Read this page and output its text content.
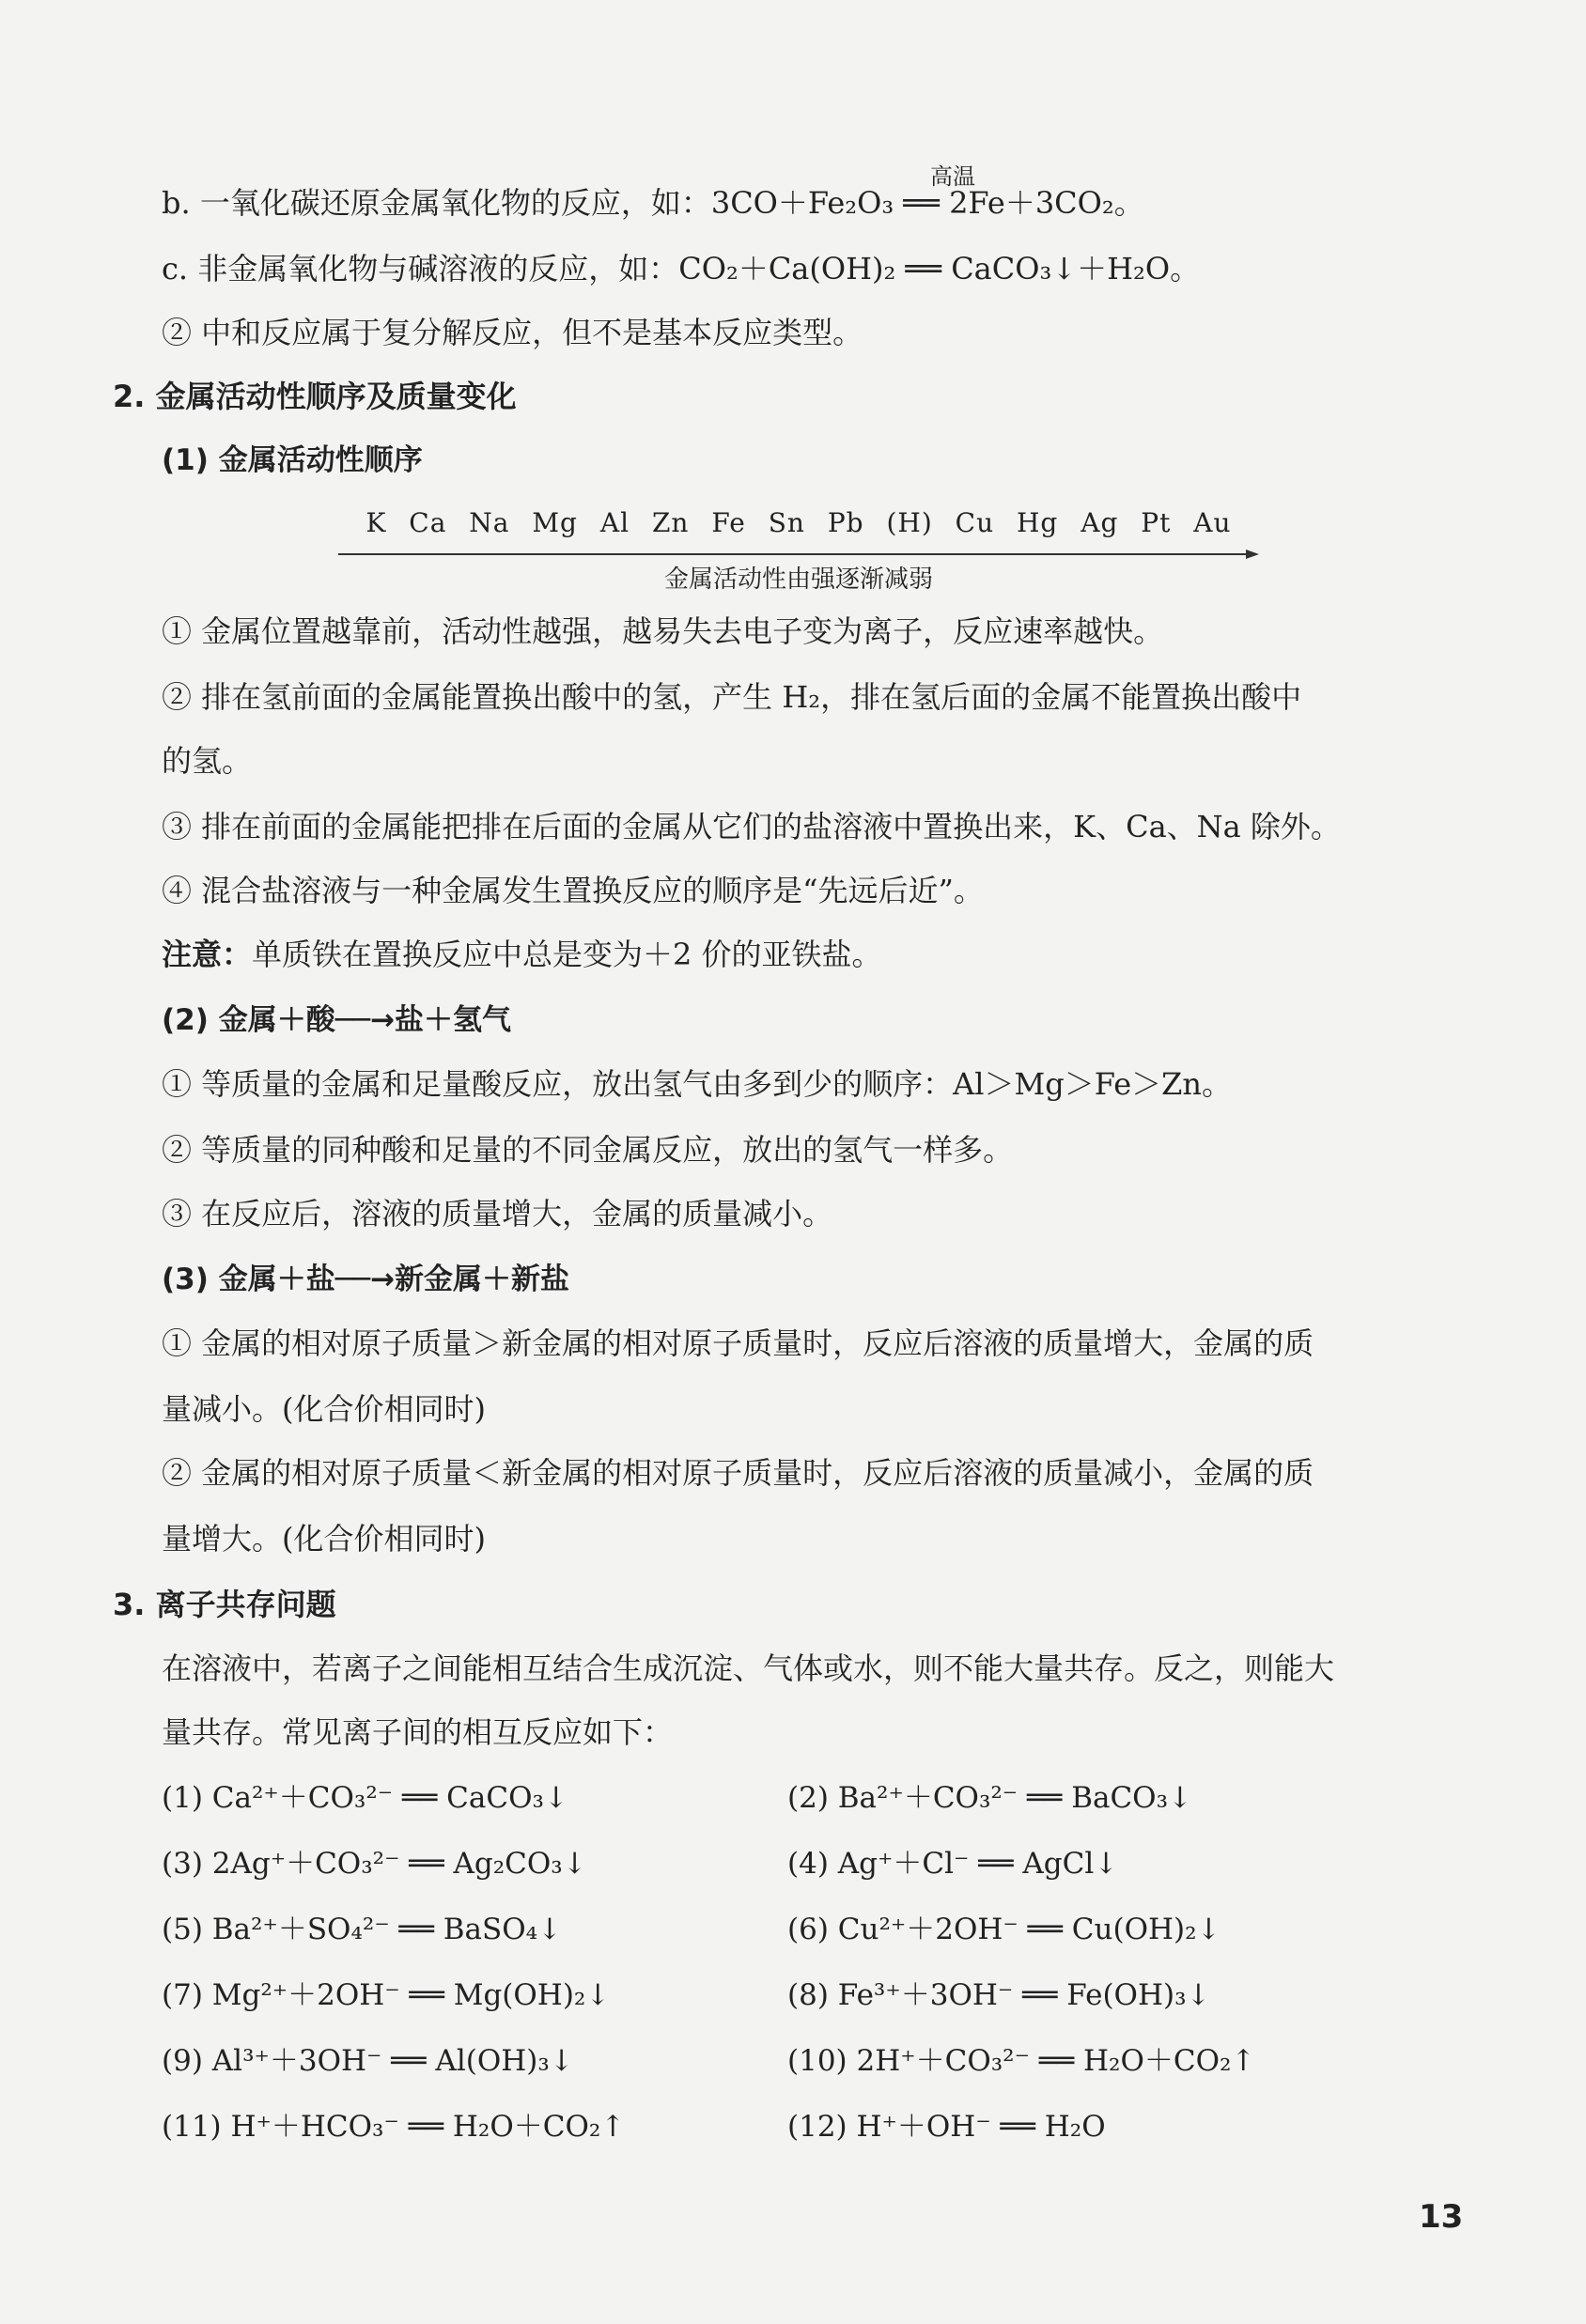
高温
b. 一氧化碳还原金属氧化物的反应，如：3CO＋Fe₂O₃ ══ 2Fe＋3CO₂。
c. 非金属氧化物与碱溶液的反应，如：CO₂＋Ca(OH)₂ ══ CaCO₃↓＋H₂O。
② 中和反应属于复分解反应，但不是基本反应类型。
2. 金属活动性顺序及质量变化
(1) 金属活动性顺序
K Ca Na Mg Al Zn Fe Sn Pb (H) Cu Hg Ag Pt Au
金属活动性由强逐渐减弱
① 金属位置越靠前，活动性越强，越易失去电子变为离子，反应速率越快。
② 排在氢前面的金属能置换出酸中的氢，产生 H₂，排在氢后面的金属不能置换出酸中
的氢。
③ 排在前面的金属能把排在后面的金属从它们的盐溶液中置换出来，K、Ca、Na 除外。
④ 混合盐溶液与一种金属发生置换反应的顺序是“先远后近”。
注意：单质铁在置换反应中总是变为＋2 价的亚铁盐。
(2) 金属＋酸──→盐＋氢气
① 等质量的金属和足量酸反应，放出氢气由多到少的顺序：Al＞Mg＞Fe＞Zn。
② 等质量的同种酸和足量的不同金属反应，放出的氢气一样多。
③ 在反应后，溶液的质量增大，金属的质量减小。
(3) 金属＋盐──→新金属＋新盐
① 金属的相对原子质量＞新金属的相对原子质量时，反应后溶液的质量增大，金属的质
量减小。(化合价相同时)
② 金属的相对原子质量＜新金属的相对原子质量时，反应后溶液的质量减小，金属的质
量增大。(化合价相同时)
3. 离子共存问题
在溶液中，若离子之间能相互结合生成沉淀、气体或水，则不能大量共存。反之，则能大
量共存。常见离子间的相互反应如下：
(1) Ca²⁺＋CO₃²⁻ ══ CaCO₃↓	(2) Ba²⁺＋CO₃²⁻ ══ BaCO₃↓
(3) 2Ag⁺＋CO₃²⁻ ══ Ag₂CO₃↓	(4) Ag⁺＋Cl⁻ ══ AgCl↓
(5) Ba²⁺＋SO₄²⁻ ══ BaSO₄↓	(6) Cu²⁺＋2OH⁻ ══ Cu(OH)₂↓
(7) Mg²⁺＋2OH⁻ ══ Mg(OH)₂↓	(8) Fe³⁺＋3OH⁻ ══ Fe(OH)₃↓
(9) Al³⁺＋3OH⁻ ══ Al(OH)₃↓	(10) 2H⁺＋CO₃²⁻ ══ H₂O＋CO₂↑
(11) H⁺＋HCO₃⁻ ══ H₂O＋CO₂↑	(12) H⁺＋OH⁻ ══ H₂O
13
